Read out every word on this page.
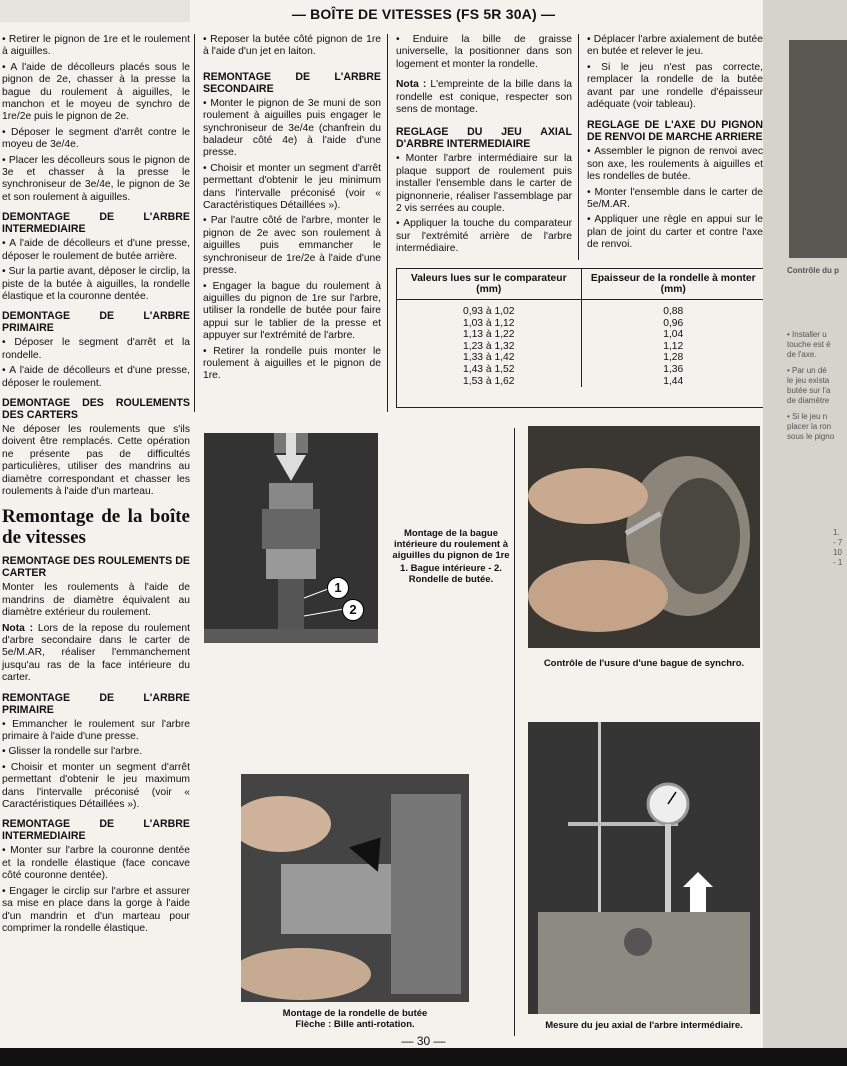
— BOÎTE DE VITESSES (FS 5R 30A) —

• Retirer le pignon de 1re et le roulement à aiguilles.

• A l'aide de décolleurs placés sous le pignon de 2e, chasser à la presse la bague du roulement à aiguilles, le manchon et le moyeu de synchro de 1re/2e puis le pignon de 2e.

• Déposer le segment d'arrêt contre le moyeu de 3e/4e.

• Placer les décolleurs sous le pignon de 3e et chasser à la presse le synchroniseur de 3e/4e, le pignon de 3e et son roulement à aiguilles.

DEMONTAGE DE L'ARBRE INTERMEDIAIRE

• A l'aide de décolleurs et d'une presse, déposer le roulement de butée arrière.

• Sur la partie avant, déposer le circlip, la piste de la butée à aiguilles, la rondelle élastique et la couronne dentée.

DEMONTAGE DE L'ARBRE PRIMAIRE

• Déposer le segment d'arrêt et la rondelle.

• A l'aide de décolleurs et d'une presse, déposer le roulement.

DEMONTAGE DES ROULEMENTS DES CARTERS

Ne déposer les roulements que s'ils doivent être remplacés. Cette opération ne présente pas de difficultés particulières, utiliser des mandrins au diamètre correspondant et chasser les roulements à l'aide d'un marteau.

Remontage de la boîte de vitesses
REMONTAGE DES ROULEMENTS DE CARTER

Monter les roulements à l'aide de mandrins de diamètre équivalent au diamètre extérieur du roulement.

Nota : Lors de la repose du roulement d'arbre secondaire dans le carter de 5e/M.AR, réaliser l'emmanchement jusqu'au ras de la face intérieure du carter.

REMONTAGE DE L'ARBRE PRIMAIRE

• Emmancher le roulement sur l'arbre primaire à l'aide d'une presse.

• Glisser la rondelle sur l'arbre.

• Choisir et monter un segment d'arrêt permettant d'obtenir le jeu maximum dans l'intervalle préconisé (voir « Caractéristiques Détaillées »).

REMONTAGE DE L'ARBRE INTERMEDIAIRE

• Monter sur l'arbre la couronne dentée et la rondelle élastique (face concave côté couronne dentée).

• Engager le circlip sur l'arbre et assurer sa mise en place dans la gorge à l'aide d'un mandrin et d'un marteau pour comprimer la rondelle élastique.

• Reposer la butée côté pignon de 1re à l'aide d'un jet en laiton.

REMONTAGE DE L'ARBRE SECONDAIRE

• Monter le pignon de 3e muni de son roulement à aiguilles puis engager le synchroniseur de 3e/4e (chanfrein du baladeur côté 4e) à l'aide d'une presse.

• Choisir et monter un segment d'arrêt permettant d'obtenir le jeu minimum dans l'intervalle préconisé (voir « Caractéristiques Détaillées »).

• Par l'autre côté de l'arbre, monter le pignon de 2e avec son roulement à aiguilles puis emmancher le synchroniseur de 1re/2e à l'aide d'une presse.

• Engager la bague du roulement à aiguilles du pignon de 1re sur l'arbre, utiliser la rondelle de butée pour faire appui sur le tablier de la presse et appuyer sur l'extrémité de l'arbre.

• Retirer la rondelle puis monter le roulement à aiguilles et le pignon de 1re.

• Enduire la bille de graisse universelle, la positionner dans son logement et monter la rondelle.

Nota : L'empreinte de la bille dans la rondelle est conique, respecter son sens de montage.

REGLAGE DU JEU AXIAL D'ARBRE INTERMEDIAIRE

• Monter l'arbre intermédiaire sur la plaque support de roulement puis installer l'ensemble dans le carter de pignonnerie, réaliser l'assemblage par 2 vis serrées au couple.

• Appliquer la touche du comparateur sur l'extrémité arrière de l'arbre intermédiaire.

• Déplacer l'arbre axialement de butée en butée et relever le jeu.

• Si le jeu n'est pas correcte, remplacer la rondelle de la butée avant par une rondelle d'épaisseur adéquate (voir tableau).

REGLAGE DE L'AXE DU PIGNON DE RENVOI DE MARCHE ARRIERE

• Assembler le pignon de renvoi avec son axe, les roulements à aiguilles et les rondelles de butée.

• Monter l'ensemble dans le carter de 5e/M.AR.

• Appliquer une règle en appui sur le plan de joint du carter et contre l'axe de renvoi.

Valeurs lues sur le comparateur (mm)	Epaisseur de la rondelle à monter (mm)
0,93 à 1,02	0,88
1,03 à 1,12	0,96
1,13 à 1,22	1,04
1,23 à 1,32	1,12
1,33 à 1,42	1,28
1,43 à 1,52	1,36
1,53 à 1,62	1,44
1
2
Montage de la bague intérieure du roulement à aiguilles du pignon de 1re
1. Bague intérieure - 2. Rondelle de butée.
Contrôle de l'usure d'une bague de synchro.
Montage de la rondelle de butée
Flèche : Bille anti-rotation.	Mesure du jeu axial de l'arbre intermédiaire.
Contrôle du p
• Installer u
touche est é
de l'axe.
• Par un dé
le jeu exista
butée sur l'a
de diamètre
• Si le jeu n
placer la ron
sous le pigno
1.
- 7
10
- 1
— 30 —
